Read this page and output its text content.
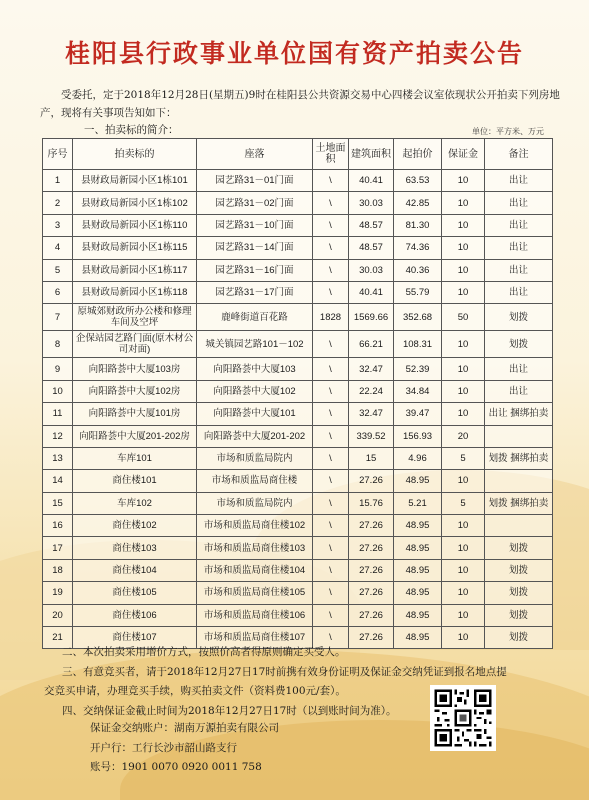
桂阳县行政事业单位国有资产拍卖公告

受委托，定于2018年12月28日(星期五)9时在桂阳县公共资源交易中心四楼会议室依现状公开拍卖下列房地产，现将有关事项告知如下：

一、拍卖标的简介：	单位：平方米、万元
序号	拍卖标的	座落	土地面积	建筑面积	起拍价	保证金	备注
1	县财政局新园小区1栋101	园艺路31－01门面	\	40.41	63.53	10	出让
2	县财政局新园小区1栋102	园艺路31－02门面	\	30.03	42.85	10	出让
3	县财政局新园小区1栋110	园艺路31－10门面	\	48.57	81.30	10	出让
4	县财政局新园小区1栋115	园艺路31－14门面	\	48.57	74.36	10	出让
5	县财政局新园小区1栋117	园艺路31－16门面	\	30.03	40.36	10	出让
6	县财政局新园小区1栋118	园艺路31－17门面	\	40.41	55.79	10	出让
7	原城郊财政所办公楼和修理车间及空坪	鹿峰街道百花路	1828	1569.66	352.68	50	划拨
8	企保站园艺路门面(原木材公司对面)	城关镇园艺路101－102	\	66.21	108.31	10	划拨
9	向阳路荟中大厦103房	向阳路荟中大厦103	\	32.47	52.39	10	出让
10	向阳路荟中大厦102房	向阳路荟中大厦102	\	22.24	34.84	10	出让
11	向阳路荟中大厦101房	向阳路荟中大厦101	\	32.47	39.47	10	出让 捆绑拍卖
12	向阳路荟中大厦201-202房	向阳路荟中大厦201-202	\	339.52	156.93	20	
13	车库101	市场和质监局院内	\	15	4.96	5	划拨 捆绑拍卖
14	商住楼101	市场和质监局商住楼	\	27.26	48.95	10	
15	车库102	市场和质监局院内	\	15.76	5.21	5	划拨 捆绑拍卖
16	商住楼102	市场和质监局商住楼102	\	27.26	48.95	10	
17	商住楼103	市场和质监局商住楼103	\	27.26	48.95	10	划拨
18	商住楼104	市场和质监局商住楼104	\	27.26	48.95	10	划拨
19	商住楼105	市场和质监局商住楼105	\	27.26	48.95	10	划拨
20	商住楼106	市场和质监局商住楼106	\	27.26	48.95	10	划拨
21	商住楼107	市场和质监局商住楼107	\	27.26	48.95	10	划拨

二、本次拍卖采用增价方式，按照价高者得原则确定买受人。

三、有意竞买者，请于2018年12月27日17时前携有效身份证明及保证金交纳凭证到报名地点提

交竞买申请，办理竞买手续，购买拍卖文件（资料费100元/套）。

四、交纳保证金截止时间为2018年12月27日17时（以到账时间为准）。

保证金交纳账户：湖南万源拍卖有限公司
开户行：工行长沙市韶山路支行
账号：1901 0070 0920 0011 758
